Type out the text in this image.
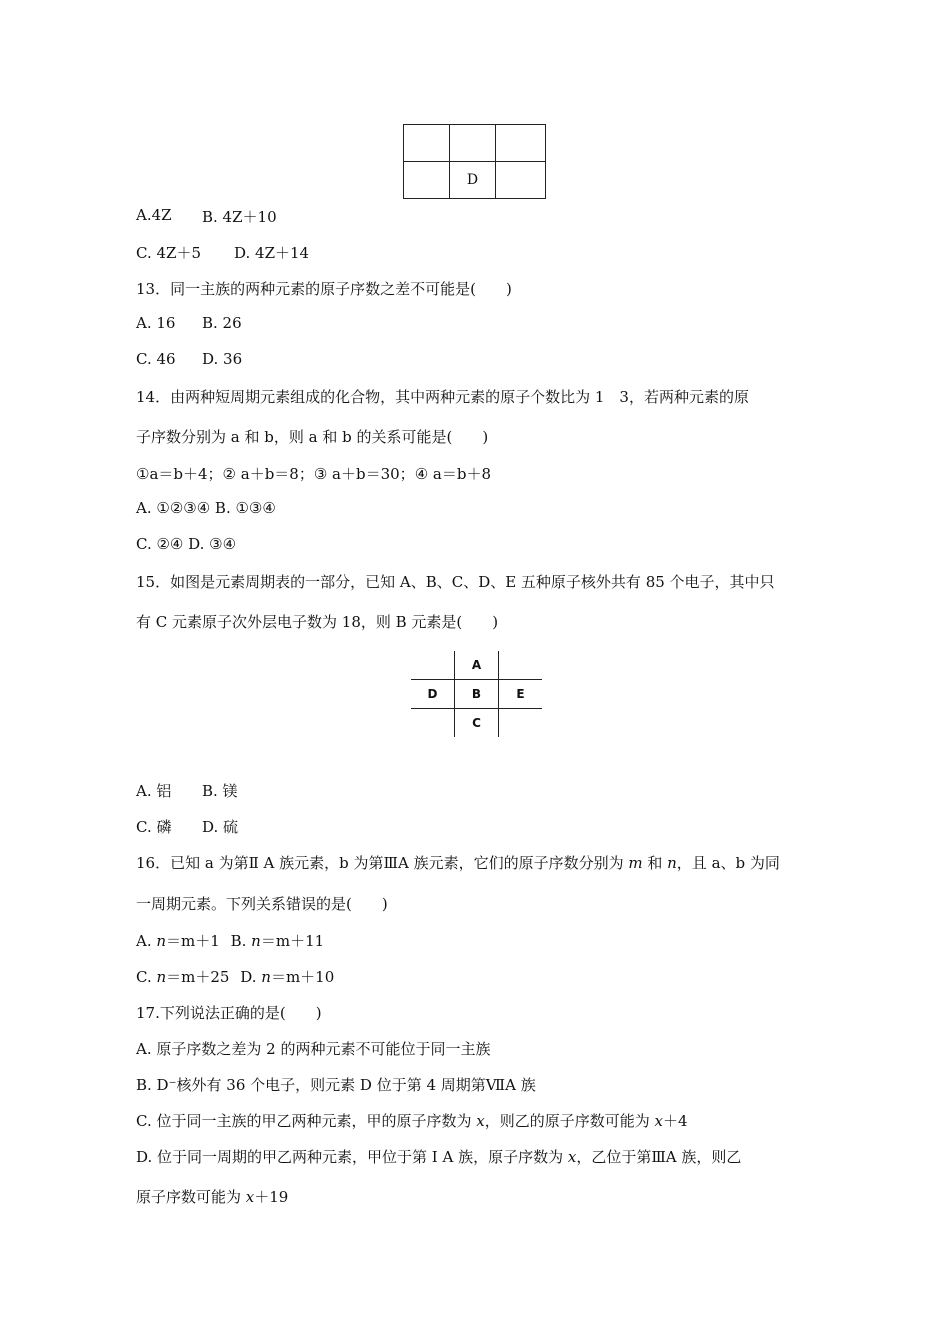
	D	
A.4Z B. 4Z＋10
C. 4Z＋5 D. 4Z＋14
13．同一主族的两种元素的原子序数之差不可能是(　　)
A. 16 B. 26
C. 46 D. 36
14．由两种短周期元素组成的化合物，其中两种元素的原子个数比为 1　3，若两种元素的原
子序数分别为 a 和 b，则 a 和 b 的关系可能是(　　)
①a＝b＋4；② a＋b＝8；③ a＋b＝30；④ a＝b＋8
A. ①②③④ B. ①③④
C. ②④ D. ③④
15．如图是元素周期表的一部分，已知 A、B、C、D、E 五种原子核外共有 85 个电子，其中只
有 C 元素原子次外层电子数为 18，则 B 元素是(　　)
	A	
D	B	E
	C	
A. 铝 B. 镁
C. 磷 D. 硫
16．已知 a 为第Ⅱ A 族元素，b 为第ⅢA 族元素，它们的原子序数分别为 m 和 n，且 a、b 为同
一周期元素。下列关系错误的是(　　)
A. n＝m＋1 B. n＝m＋11
C. n＝m＋25 D. n＝m＋10
17.下列说法正确的是(　　)
A. 原子序数之差为 2 的两种元素不可能位于同一主族
B. D⁻核外有 36 个电子，则元素 D 位于第 4 周期第ⅦA 族
C. 位于同一主族的甲乙两种元素，甲的原子序数为 x，则乙的原子序数可能为 x＋4
D. 位于同一周期的甲乙两种元素，甲位于第 Ⅰ A 族，原子序数为 x，乙位于第ⅢA 族，则乙
原子序数可能为 x＋19
